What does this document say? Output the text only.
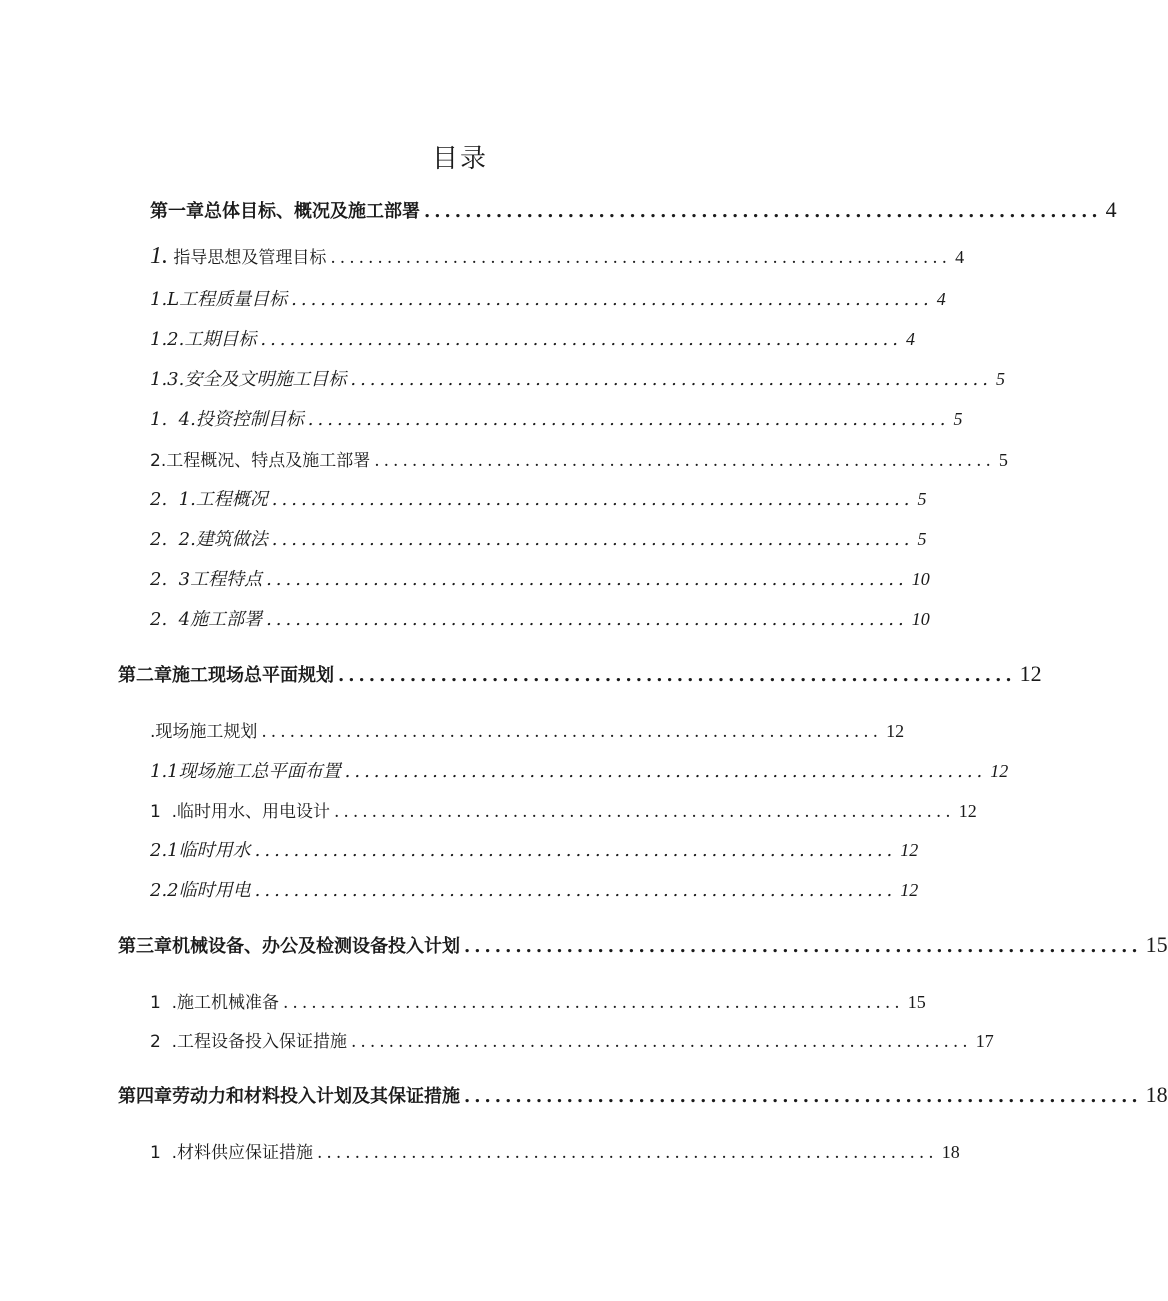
目录
第一章总体目标、概况及施工部署 .................................................................. 4
1. 指导思想及管理目标 .................................................................. 4
1.L工程质量目标 .................................................................. 4
1.2.工期目标 .................................................................. 4
1.3.安全及文明施工目标 .................................................................. 5
1.  4.投资控制目标 .................................................................. 5
2.工程概况、特点及施工部署 .................................................................. 5
2.  1.工程概况 .................................................................. 5
2.  2.建筑做法 .................................................................. 5
2.  3工程特点 .................................................................. 10
2.  4施工部署 .................................................................. 10
第二章施工现场总平面规划 .................................................................. 12
.现场施工规划 .................................................................. 12
1.1现场施工总平面布置 .................................................................. 12
1  .临时用水、用电设计 .................................................................. 12
2.1临时用水 .................................................................. 12
2.2临时用电 .................................................................. 12
第三章机械设备、办公及检测设备投入计划 .................................................................. 15
1  .施工机械准备 .................................................................. 15
2  .工程设备投入保证措施 .................................................................. 17
第四章劳动力和材料投入计划及其保证措施 .................................................................. 18
1  .材料供应保证措施 .................................................................. 18
